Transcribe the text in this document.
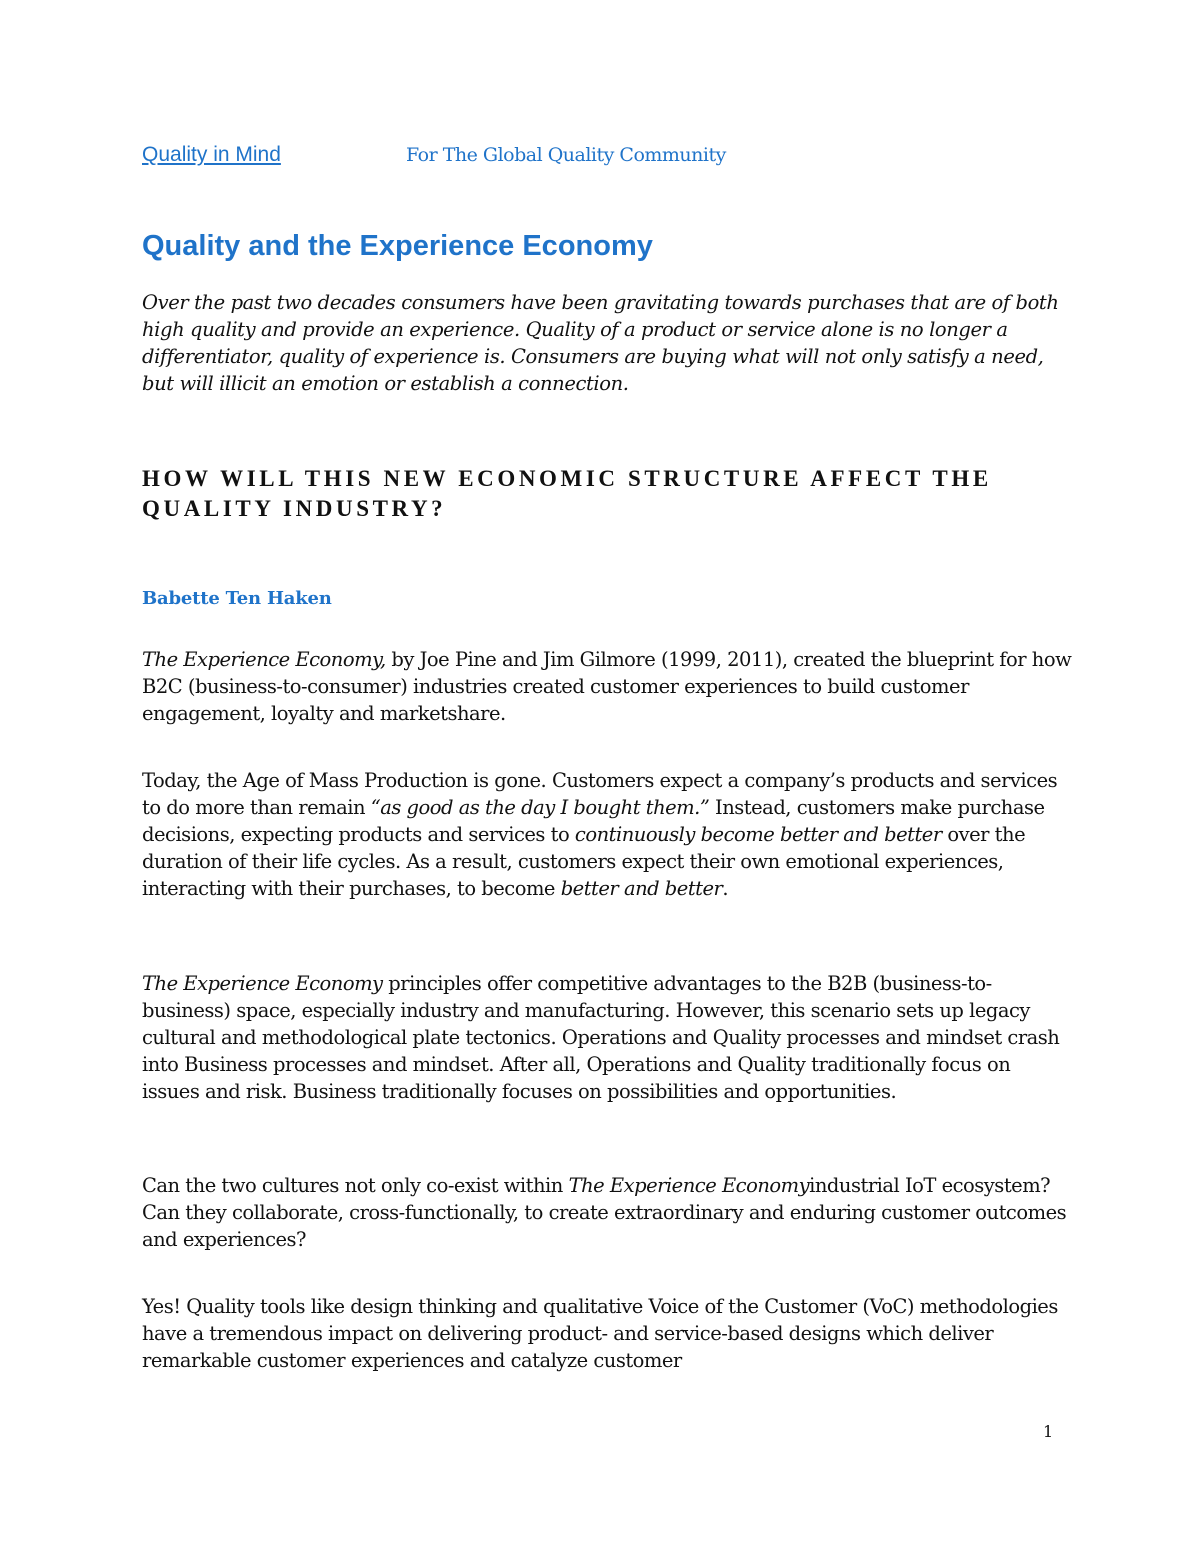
Quality in Mind	For The Global Quality Community
Quality and the Experience Economy

Over the past two decades consumers have been gravitating towards purchases that are of both high quality and provide an experience. Quality of a product or service alone is no longer a differentiator, quality of experience is. Consumers are buying what will not only satisfy a need, but will illicit an emotion or establish a connection.

HOW WILL THIS NEW ECONOMIC STRUCTURE AFFECT THE QUALITY INDUSTRY?

Babette Ten Haken

The Experience Economy, by Joe Pine and Jim Gilmore (1999, 2011), created the blueprint for how B2C (business-to-consumer) industries created customer experiences to build customer engagement, loyalty and marketshare.

Today, the Age of Mass Production is gone. Customers expect a company’s products and services to do more than remain “as good as the day I bought them.” Instead, customers make purchase decisions, expecting products and services to continuously become better and better over the duration of their life cycles. As a result, customers expect their own emotional experiences, interacting with their purchases, to become better and better.

The Experience Economy principles offer competitive advantages to the B2B (business-to-business) space, especially industry and manufacturing. However, this scenario sets up legacy cultural and methodological plate tectonics. Operations and Quality processes and mindset crash into Business processes and mindset. After all, Operations and Quality traditionally focus on issues and risk. Business traditionally focuses on possibilities and opportunities.

Can the two cultures not only co-exist within The Experience Economyindustrial IoT ecosystem? Can they collaborate, cross-functionally, to create extraordinary and enduring customer outcomes and experiences?

Yes! Quality tools like design thinking and qualitative Voice of the Customer (VoC) methodologies have a tremendous impact on delivering product- and service-based designs which deliver remarkable customer experiences and catalyze customer

1
